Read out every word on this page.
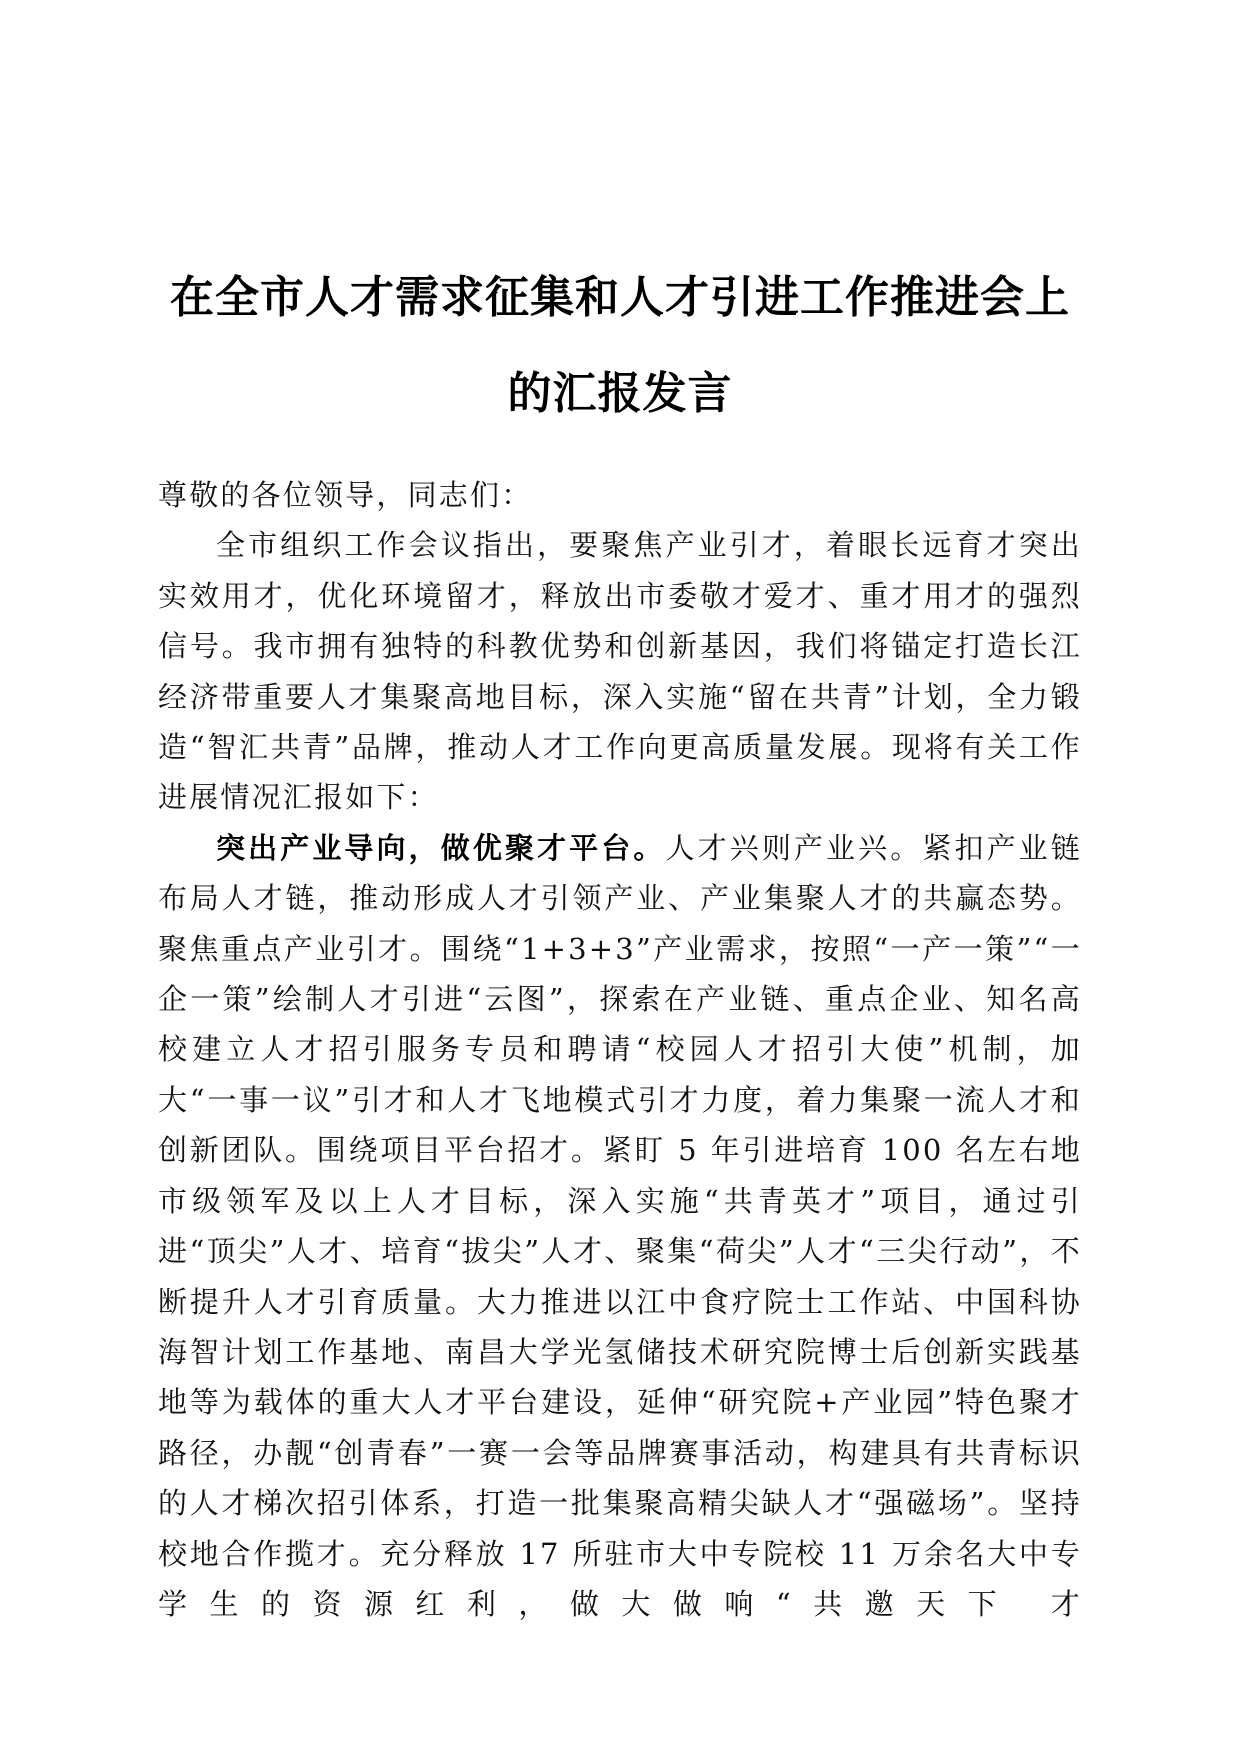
在全市人才需求征集和人才引进工作推进会上
的汇报发言

尊敬的各位领导，同志们：

全市组织工作会议指出，要聚焦产业引才，着眼长远育才突出实效用才，优化环境留才，释放出市委敬才爱才、重才用才的强烈信号。我市拥有独特的科教优势和创新基因，我们将锚定打造长江经济带重要人才集聚高地目标，深入实施“留在共青”计划，全力锻造“智汇共青”品牌，推动人才工作向更高质量发展。现将有关工作进展情况汇报如下：

突出产业导向，做优聚才平台。人才兴则产业兴。紧扣产业链布局人才链，推动形成人才引领产业、产业集聚人才的共赢态势。聚焦重点产业引才。围绕“1+3+3”产业需求，按照“一产一策”“一企一策”绘制人才引进“云图”，探索在产业链、重点企业、知名高校建立人才招引服务专员和聘请“校园人才招引大使”机制，加大“一事一议”引才和人才飞地模式引才力度，着力集聚一流人才和创新团队。围绕项目平台招才。紧盯 5 年引进培育 100 名左右地市级领军及以上人才目标，深入实施“共青英才”项目，通过引进“顶尖”人才、培育“拔尖”人才、聚集“荷尖”人才“三尖行动”，不断提升人才引育质量。大力推进以江中食疗院士工作站、中国科协海智计划工作基地、南昌大学光氢储技术研究院博士后创新实践基地等为载体的重大人才平台建设，延伸“研究院+产业园”特色聚才路径，办靓“创青春”一赛一会等品牌赛事活动，构建具有共青标识的人才梯次招引体系，打造一批集聚高精尖缺人才“强磁场”。坚持校地合作揽才。充分释放 17 所驻市大中专院校 11 万余名大中专学生的资源红利，做大做响“共邀天下 才
